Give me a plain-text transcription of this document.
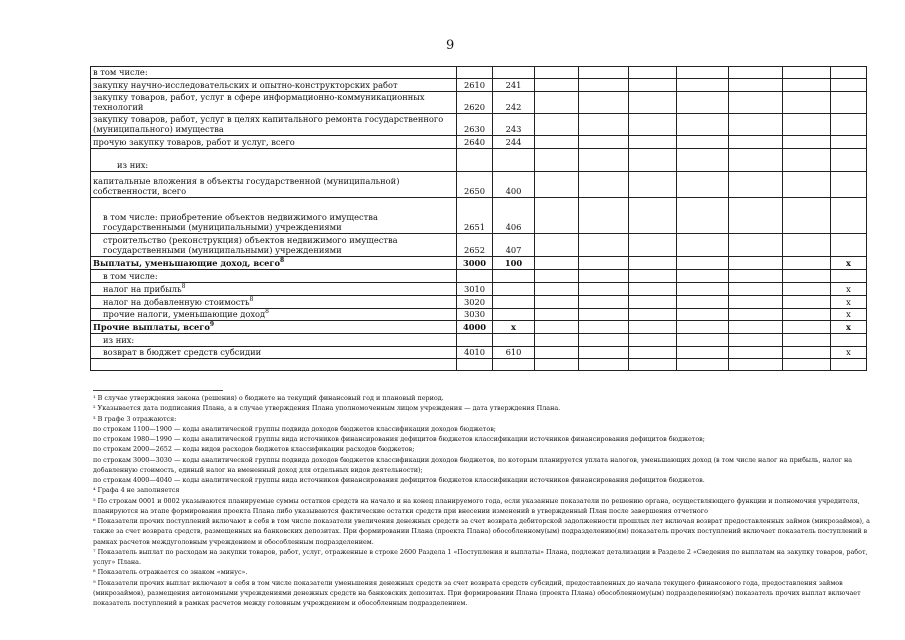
9
в том числе:									
закупку научно-исследовательских и опытно-конструкторских работ	2610	241							
закупку товаров, работ, услуг в сфере информационно-коммуникационных технологий	2620	242							
закупку товаров, работ, услуг в целях капитального ремонта государственного (муниципального) имущества	2630	243							
прочую закупку товаров, работ и услуг, всего	2640	244							
из них:									
капитальные вложения в объекты государственной (муниципальной) собственности, всего	2650	400							
в том числе: приобретение объектов недвижимого имущества государственными (муниципальными) учреждениями	2651	406							
строительство (реконструкция) объектов недвижимого имущества государственными (муниципальными) учреждениями	2652	407							
Выплаты, уменьшающие доход, всего$^8$	3000	100							x
в том числе:									
налог на прибыль$^8$	3010								x
налог на добавленную стоимость$^8$	3020								x
прочие налоги, уменьшающие доход$^8$	3030								x
Прочие выплаты, всего$^9$	4000	x							x
из них:									
возврат в бюджет средств субсидии	4010	610							x

¹ В случае утверждения закона (решения) о бюджете на текущий финансовый год и плановый период.
² Указывается дата подписания Плана, а в случае утверждения Плана уполномоченным лицом учреждения — дата утверждения Плана.
³ В графе 3 отражаются:
по строкам 1100—1900 — коды аналитической группы подвида доходов бюджетов классификации доходов бюджетов;
по строкам 1980—1990 — коды аналитической группы вида источников финансирования дефицитов бюджетов классификации источников финансирования дефицитов бюджетов;
по строкам 2000—2652 — коды видов расходов бюджетов классификации расходов бюджетов;
по строкам 3000—3030 — коды аналитической группы подвида доходов бюджетов классификации доходов бюджетов, по которым планируется уплата налогов, уменьшающих доход (в том числе налог на прибыль, налог на добавленную стоимость, единый налог на вмененный доход для отдельных видов деятельности);
по строкам 4000—4040 — коды аналитической группы вида источников финансирования дефицитов бюджетов классификации источников финансирования дефицитов бюджетов.
⁴ Графа 4 не заполняется
⁵ По строкам 0001 и 0002 указываются планируемые суммы остатков средств на начало и на конец планируемого года, если указанные показатели по решению органа, осуществляющего функции и полномочия учредителя, планируются на этапе формирования проекта Плана либо указываются фактические остатки средств при внесении изменений в утвержденный План после завершения отчетного
⁶ Показатели прочих поступлений включают в себя в том числе показатели увеличения денежных средств за счет возврата дебиторской задолженности прошлых лет включая возврат предоставленных займов (микрозаймов), а также за счет возврата средств, размещенных на банковских депозитах. При формировании Плана (проекта Плана) обособленному(ым) подразделению(ям) показатель прочих поступлений включает показатель поступлений в рамках расчетов междуголовным учреждением и обособленным подразделением.
⁷ Показатель выплат по расходам на закупки товаров, работ, услуг, отраженные в строке 2600 Раздела 1 «Поступления и выплаты» Плана, подлежат детализации в Разделе 2 «Сведения по выплатам на закупку товаров, работ, услуг» Плана.
⁸ Показатель отражается со знаком «минус».
⁹ Показатели прочих выплат включают в себя в том числе показатели уменьшения денежных средств за счет возврата средств субсидий, предоставленных до начала текущего финансового года, предоставления займов (микрозаймов), размещения автономными учреждениями денежных средств на банковских депозитах. При формировании Плана (проекта Плана) обособленному(ым) подразделению(ям) показатель прочих выплат включает показатель поступлений в рамках расчетов между головным учреждением и обособленным подразделением.
